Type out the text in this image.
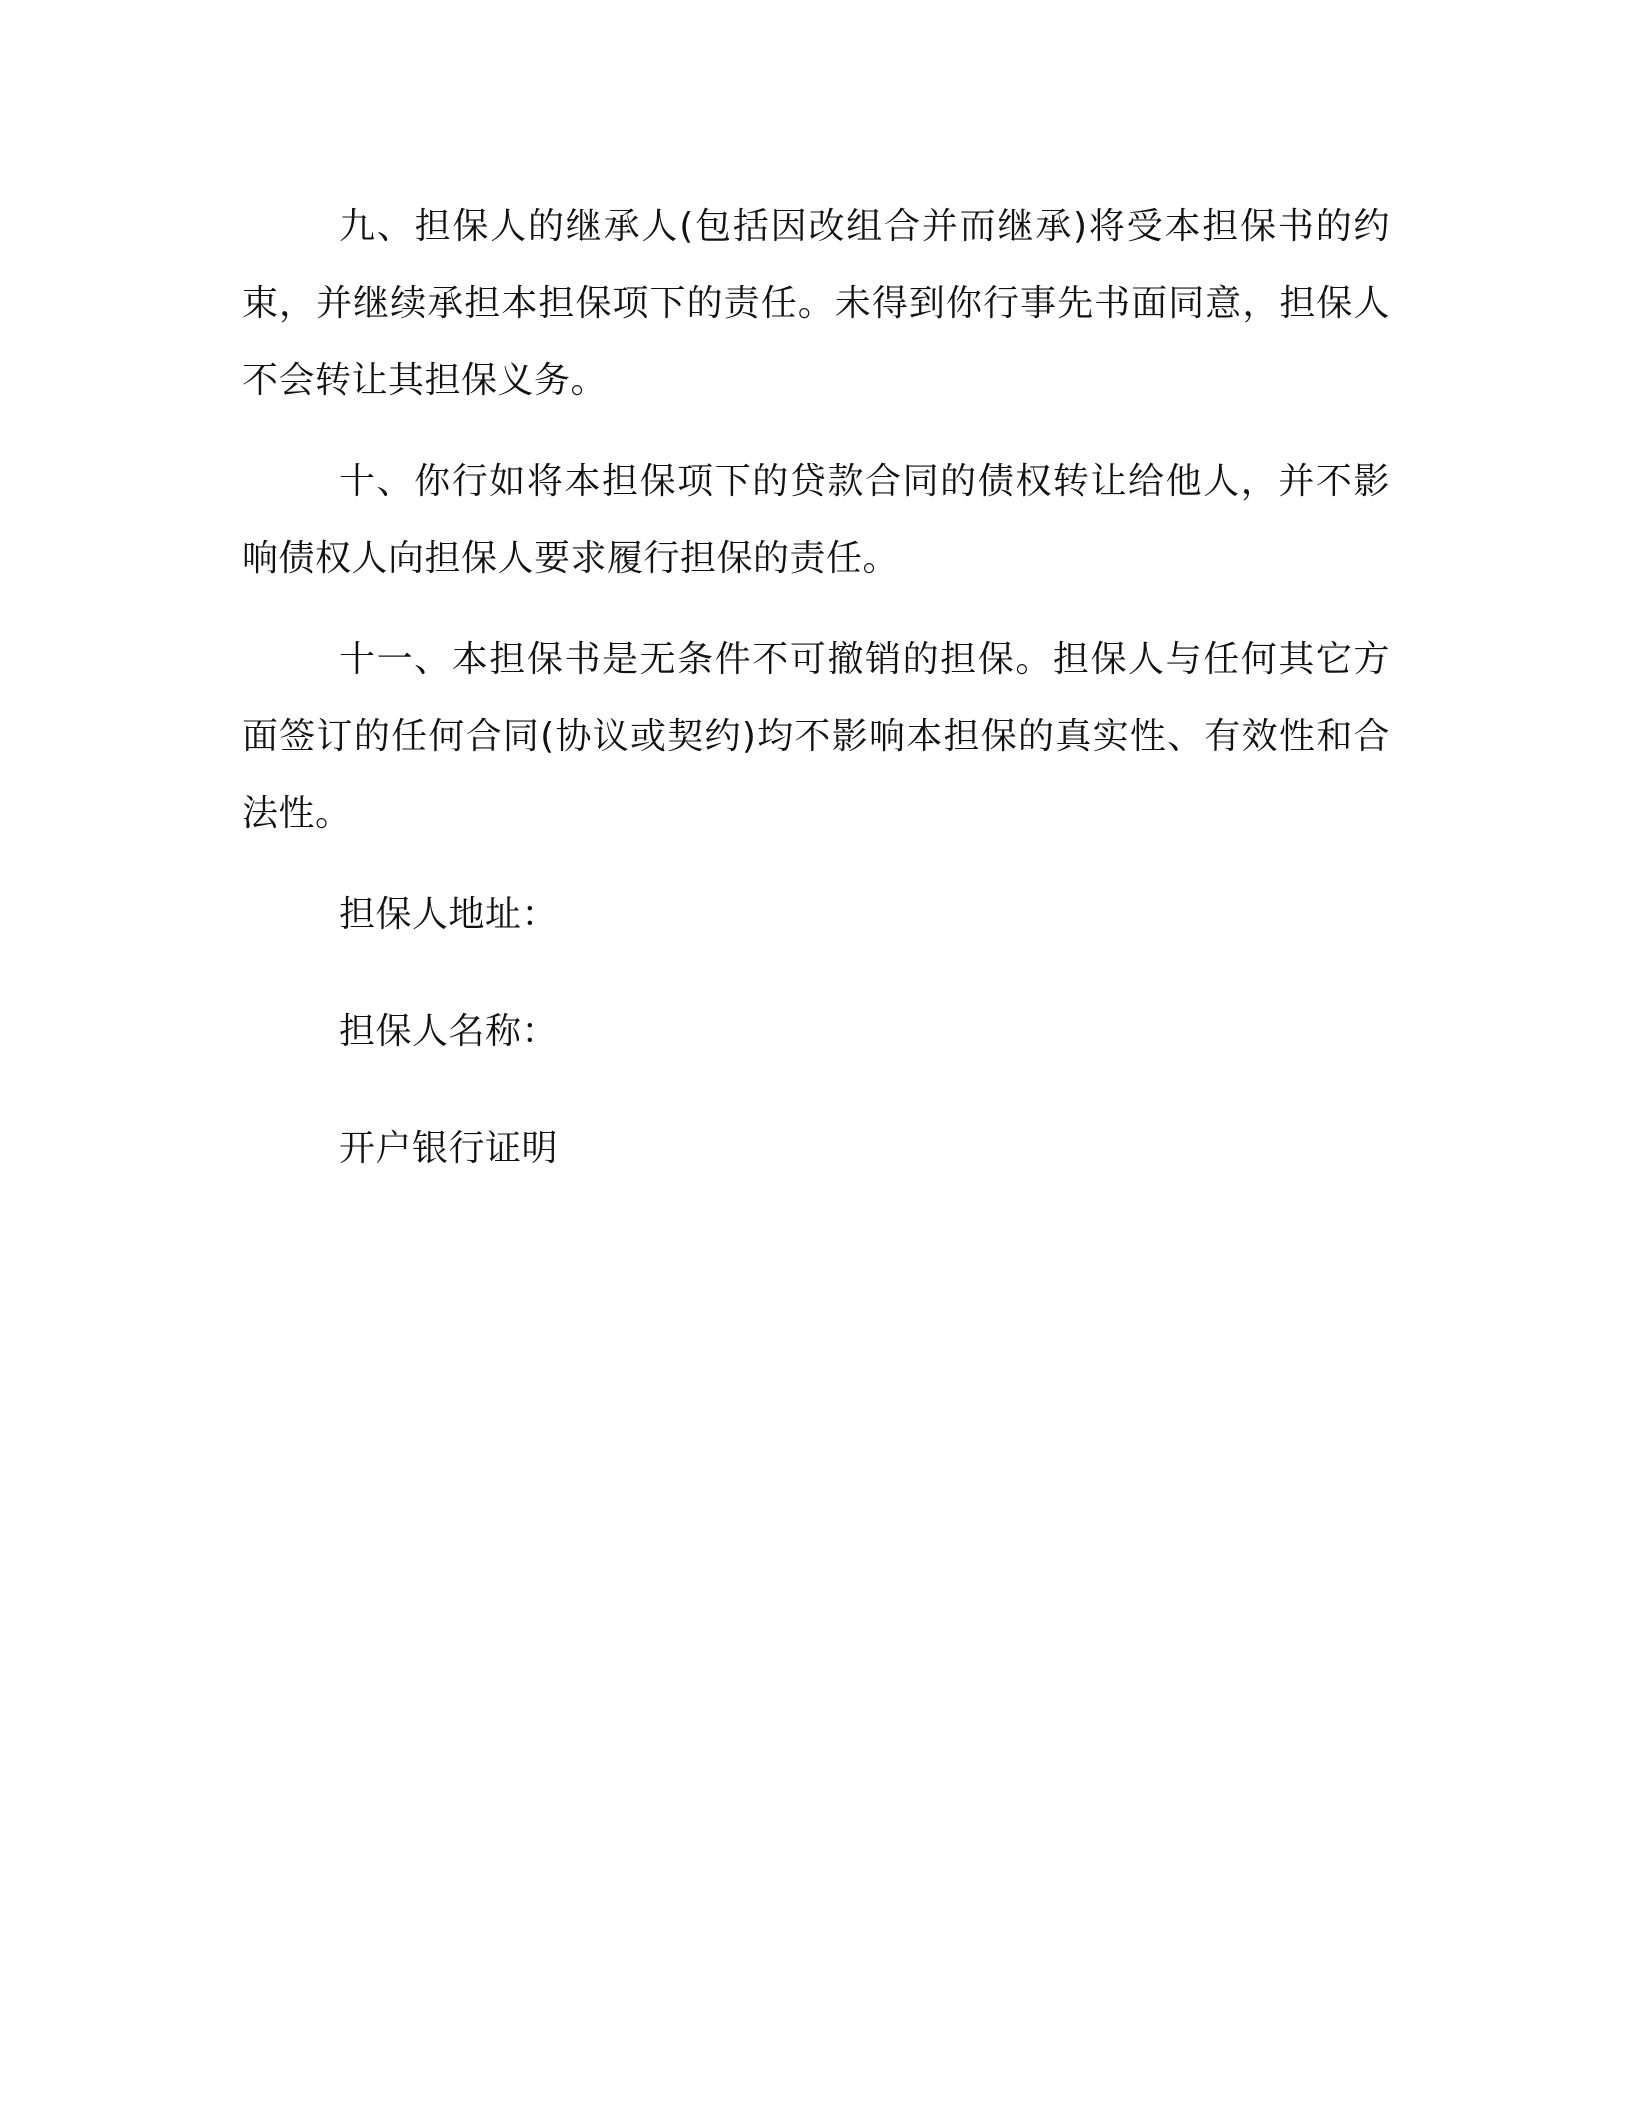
九、担保人的继承人(包括因改组合并而继承)将受本担保书的约束，并继续承担本担保项下的责任。未得到你行事先书面同意，担保人不会转让其担保义务。

十、你行如将本担保项下的贷款合同的债权转让给他人，并不影响债权人向担保人要求履行担保的责任。

十一、本担保书是无条件不可撤销的担保。担保人与任何其它方面签订的任何合同(协议或契约)均不影响本担保的真实性、有效性和合法性。

担保人地址：
担保人名称：
开户银行证明
